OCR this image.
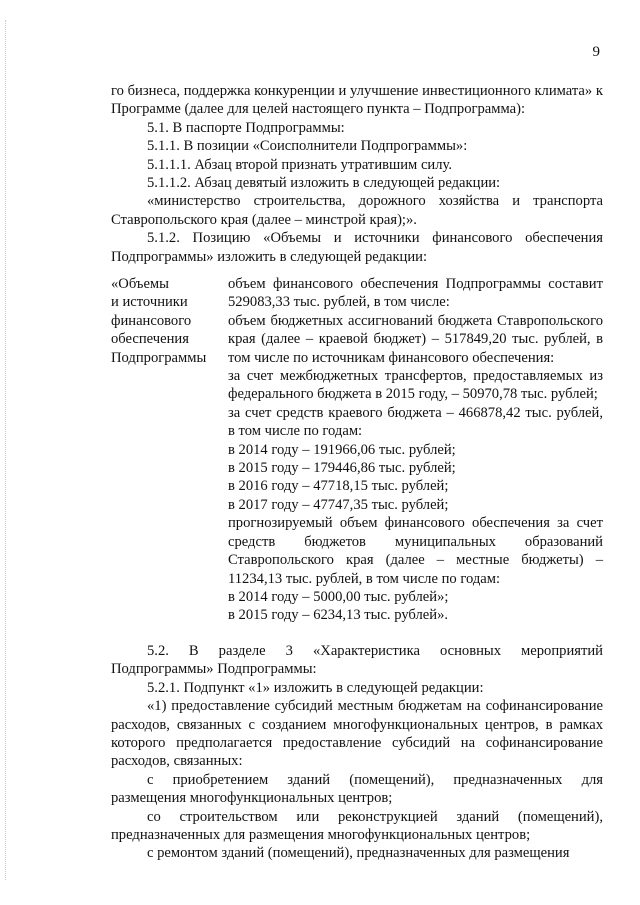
9

го бизнеса, поддержка конкуренции и улучшение инвестиционного климата» к Программе (далее для целей настоящего пункта – Подпрограмма):

5.1. В паспорте Подпрограммы:

5.1.1. В позиции «Соисполнители Подпрограммы»:

5.1.1.1. Абзац второй признать утратившим силу.

5.1.1.2. Абзац девятый изложить в следующей редакции:

«министерство строительства, дорожного хозяйства и транспорта Ставропольского края (далее – минстрой края);».

5.1.2. Позицию «Объемы и источники финансового обеспечения Подпрограммы» изложить в следующей редакции:

«Объемы
и источники
финансового
обеспечения
Подпрограммы

объем финансового обеспечения Подпрограммы составит 529083,33 тыс. рублей, в том числе:

объем бюджетных ассигнований бюджета Ставропольского края (далее – краевой бюджет) – 517849,20 тыс. рублей, в том числе по источникам финансового обеспечения:

за счет межбюджетных трансфертов, предоставляемых из федерального бюджета в 2015 году, – 50970,78 тыс. рублей;

за счет средств краевого бюджета – 466878,42 тыс. рублей, в том числе по годам:

в 2014 году – 191966,06 тыс. рублей;

в 2015 году – 179446,86 тыс. рублей;

в 2016 году – 47718,15 тыс. рублей;

в 2017 году – 47747,35 тыс. рублей;

прогнозируемый объем финансового обеспечения за счет средств бюджетов муниципальных образований Ставропольского края (далее – местные бюджеты) – 11234,13 тыс. рублей, в том числе по годам:

в 2014 году – 5000,00 тыс. рублей»;

в 2015 году – 6234,13 тыс. рублей».

5.2. В разделе 3 «Характеристика основных мероприятий Подпрограммы» Подпрограммы:

5.2.1. Подпункт «1» изложить в следующей редакции:

«1) предоставление субсидий местным бюджетам на софинансирование расходов, связанных с созданием многофункциональных центров, в рамках которого предполагается предоставление субсидий на софинансирование расходов, связанных:

с приобретением зданий (помещений), предназначенных для размещения многофункциональных центров;

со строительством или реконструкцией зданий (помещений), предназначенных для размещения многофункциональных центров;

с ремонтом зданий (помещений), предназначенных для размещения
